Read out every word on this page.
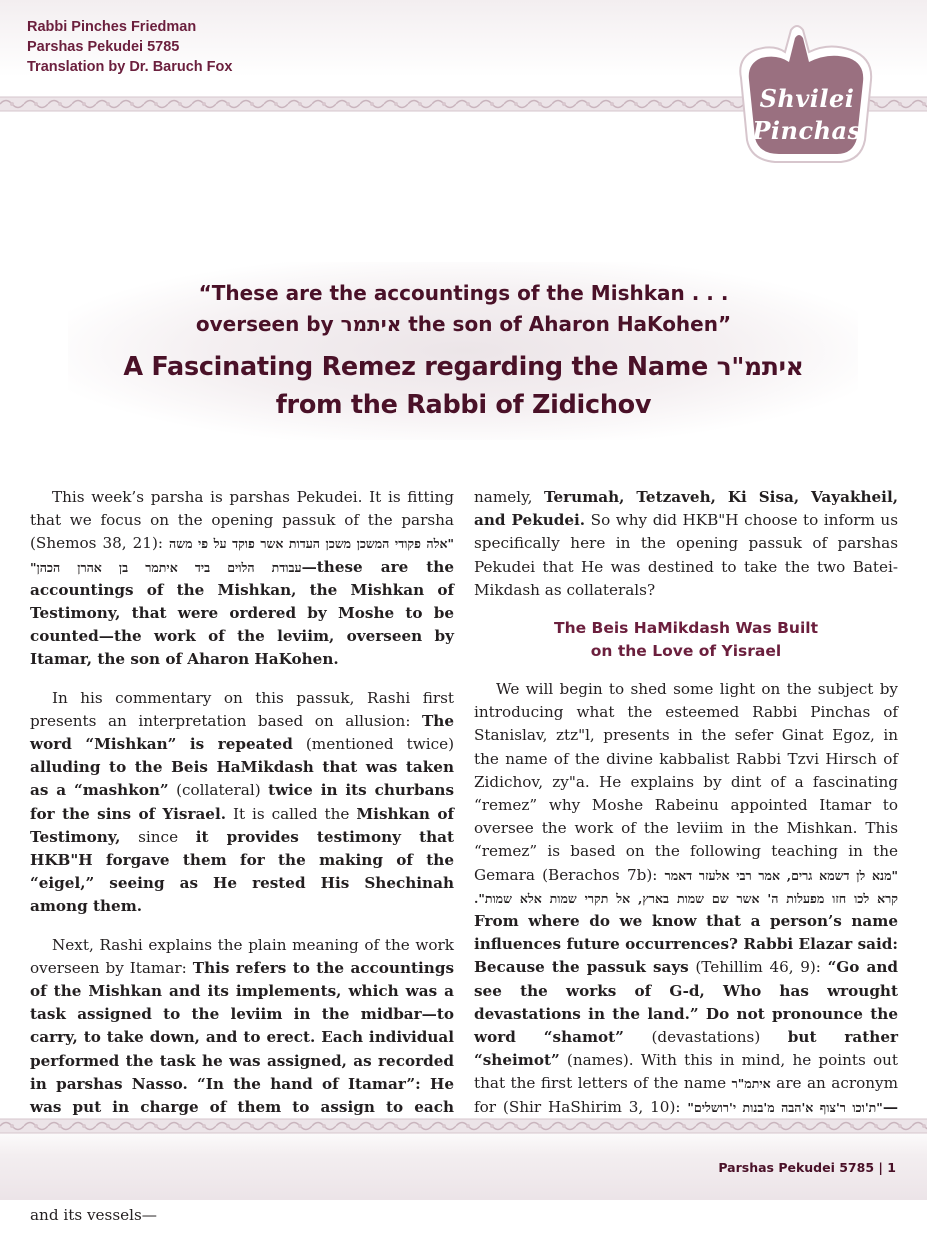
Rabbi Pinches Friedman
Parshas Pekudei 5785
Translation by Dr. Baruch Fox
Shvilei
Pinchas
“These are the accountings of the Mishkan . . .
overseen by איתמר the son of Aharon HaKohen”
A Fascinating Remez regarding the Name איתמ"ר
from the Rabbi of Zidichov

This week’s parsha is parshas Pekudei. It is fitting that we focus on the opening passuk of the parsha (Shemos 38, 21): "אלה פקודי המשכן משכן העדות אשר פוקד על פי משה עבודת הלוים ביד איתמר בן אהרן הכהן"—these are the accountings of the Mishkan, the Mishkan of Testimony, that were ordered by Moshe to be counted—the work of the leviim, overseen by Itamar, the son of Aharon HaKohen.

In his commentary on this passuk, Rashi first presents an interpretation based on allusion: The word “Mishkan” is repeated (mentioned twice) alluding to the Beis HaMikdash that was taken as a “mashkon” (collateral) twice in its churbans for the sins of Yisrael. It is called the Mishkan of Testimony, since it provides testimony that HKB"H forgave them for the making of the “eigel,” seeing as He rested His Shechinah among them.

Next, Rashi explains the plain meaning of the work overseen by Itamar: This refers to the accountings of the Mishkan and its implements, which was a task assigned to the leviim in the midbar—to carry, to take down, and to erect. Each individual performed the task he was assigned, as recorded in parshas Nasso. “In the hand of Itamar”: He was put in charge of them to assign to each

and its vessels—

namely, Terumah, Tetzaveh, Ki Sisa, Vayakheil, and Pekudei. So why did HKB"H choose to inform us specifically here in the opening passuk of parshas Pekudei that He was destined to take the two Batei-Mikdash as collaterals?

The Beis HaMikdash Was Built
on the Love of Yisrael

We will begin to shed some light on the subject by introducing what the esteemed Rabbi Pinchas of Stanislav, ztz"l, presents in the sefer Ginat Egoz, in the name of the divine kabbalist Rabbi Tzvi Hirsch of Zidichov, zy"a. He explains by dint of a fascinating “remez” why Moshe Rabeinu appointed Itamar to oversee the work of the leviim in the Mishkan. This “remez” is based on the following teaching in the Gemara (Berachos 7b): "מנא לן דשמא גרים, אמר רבי אלעזר דאמר קרא לכו חזו מפעלות ה' אשר שם שמות בארץ, אל תקרי שמות אלא שמות". From where do we know that a person’s name influences future occurrences? Rabbi Elazar said: Because the passuk says (Tehillim 46, 9): “Go and see the works of G-d, Who has wrought devastations in the land.” Do not pronounce the word “shamot” (devastations) but rather “sheimot” (names). With this in mind, he points out that the first letters of the name איתמ"ר are an acronym for (Shir HaShirim 3, 10): "ת'וכו ר'צוף א'הבה מ'בנות י'רושלים"—

Parshas Pekudei 5785 | 1
